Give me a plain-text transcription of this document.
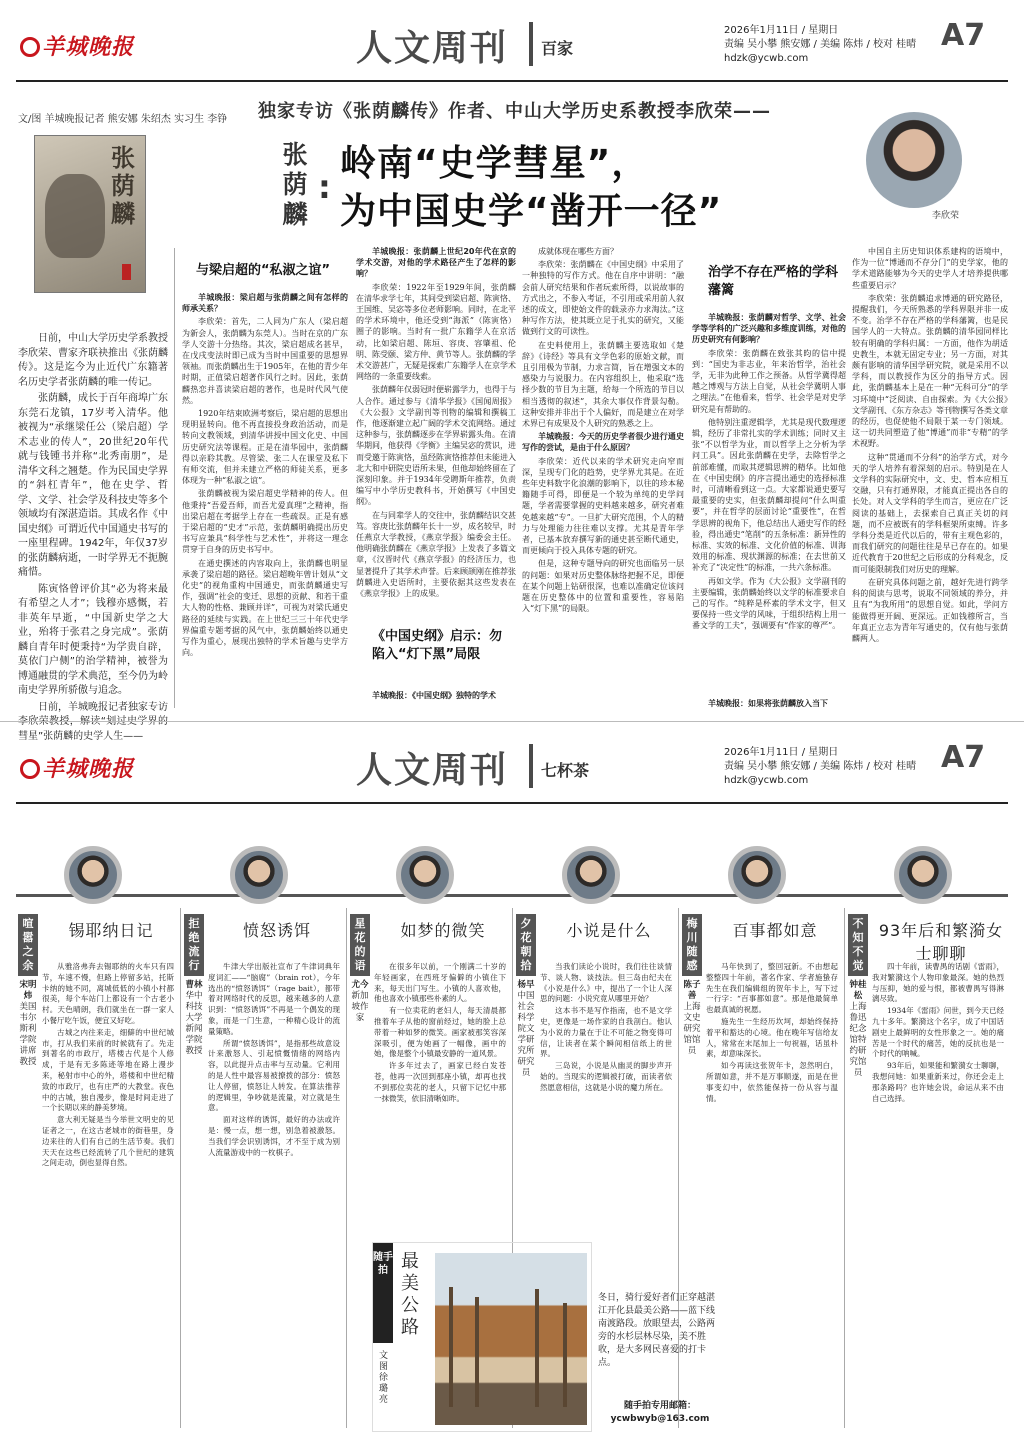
羊城晚报	人文周刊 百家
2026年1月11日 / 星期日
责编 吴小攀 熊安娜 / 美编 陈炜 / 校对 桂晴
hdzk@ycwb.com
A7
文/图 羊城晚报记者 熊安娜 朱绍杰 实习生 李铮 独家专访《张荫麟传》作者、中山大学历史系教授李欣荣——
张荫麟
:
岭南“史学彗星”，
为中国史学“凿开一径”
张荫麟	李欣荣

日前，中山大学历史学系教授李欣荣、曹家齐联袂推出《张荫麟传》。这是迄今为止近代广东籍著名历史学者张荫麟的唯一传记。

张荫麟，成长于百年商埠广东东莞石龙镇，17岁考入清华。他被视为“承继梁任公（梁启超）学术志业的传人”，20世纪20年代就与钱锺书并称“北秀南朋”，是清华文科之翘楚。作为民国史学界的“斜杠青年”，他在史学、哲学、文学、社会学及科技史等多个领域均有深湛造诣。其成名作《中国史纲》可谓近代中国通史书写的一座里程碑。1942年，年仅37岁的张荫麟病逝，一时学界无不扼腕痛惜。

陈寅恪曾评价其“必为将来最有希望之人才”；钱穆亦感慨，若非英年早逝，“中国新史学之大业，殆将于张君之身完成”。张荫麟自青年时便秉持“为学贵自辟，莫依门户侧”的治学精神，被誉为博通融贯的学术典范，至今仍为岭南史学界所骄傲与追念。

日前，羊城晚报记者独家专访李欣荣教授，解读“划过史学界的彗星”张荫麟的史学人生——

与梁启超的“私淑之谊”

羊城晚报：梁启超与张荫麟之间有怎样的师承关系？

李欣荣：首先，二人同为广东人（梁启超为新会人，张荫麟为东莞人）。当时在京的广东学人交游十分热络。其次，梁启超成名甚早，在戊戌变法时即已成为当时中国重要的思想界领袖。而张荫麟出生于1905年，在他的青少年时期，正值梁启超著作风行之时。因此，张荫麟热恋并喜读梁启超的著作，也是时代风气使然。

1920年结束欧洲考察后，梁启超的思想出现明显转向。他不再直接投身政治活动，而是转向文教领域，到清华讲授中国文化史、中国历史研究法等课程。正是在清华园中，张荫麟得以亲聆其教。尽管梁、张二人在课堂及私下有师交流，但并未建立严格的师徒关系，更多体现为一种“私淑之谊”。

张荫麟被视为梁启超史学精神的传人。但他秉持“吾爱吾师，而吾尤爱真理”之精神，指出梁启超在考据学上存在一些疏误。正是有感于梁启超的“史才”示范，张荫麟明确提出历史书写应兼具“科学性与艺术性”，并将这一理念贯穿于自身的历史书写中。

在通史撰述的内容取向上，张荫麟也明显承袭了梁启超的路径。梁启超晚年曾计划从“文化史”的视角重构中国通史，而张荫麟通史写作，强调“社会的变迁、思想的贡献、和若干重大人物的性格、兼顾并详”，可视为对梁氏通史路径的延续与实践。在上世纪三三十年代史学界偏重专题考据的风气中，张荫麟始终以通史写作为重心，展现出独特的学术旨趣与史学方向。

羊城晚报：张荫麟上世纪20年代在京的学术交游，对他的学术路径产生了怎样的影响？

李欣荣：1922年至1929年间，张荫麟在清华求学七年，其间受到梁启超、陈寅恪、王国维、吴宓等多位老师影响。同时，在北平的学术环境中，他还受到“海派”（陈寅恪）圈子的影响。当时有一批广东籍学人在京活动，比如梁启超、陈垣、容庚、容肇祖、伦明、陈受颐、梁方仲、黄节等人。张荫麟的学术交游甚广，无疑是探索广东籍学人在京学术网络的一条重要线索。

张荫麟年仅弱冠时便崭露学力，也得于与人合作。通过参与《清华学报》《国闻周报》《大公报》文学副刊等刊物的编辑和撰稿工作，他逐渐建立起广阔的学术交流网络。通过这种参与，张荫麟逐步在学界崭露头角。在清华期间，他获得《学衡》主编吴宓的赏识，进而受邀于陈寅恪，虽经陈寅恪推荐但未能进入北大和中研院史语所未果，但他却始终留在了深刻印象。并于1934年受聘斯年推荐，负责编写中小学历史教科书，开始撰写《中国史纲》。

在与同辈学人的交往中，张荫麟结识交甚笃。容庚比张荫麟年长十一岁，成名较早，时任燕京大学教授，《燕京学报》编委会主任。他明确张荫麟在《燕京学报》上发表了多篇文章，《汉晋时代《燕京学报》的经济压力，也显著提升了其学术声誉。后来顾颉刚在推荐张荫麟进入史语所时，主要依据其这些发表在《燕京学报》上的成果。

《中国史纲》启示：勿陷入“灯下黑”局限

羊城晚报：《中国史纲》独特的学术

成就体现在哪些方面？

李欣荣：张荫麟在《中国史纲》中采用了一种独特的写作方式。他在自序中讲明：“融会前人研究结果和作者玩索所得，以说故事的方式出之，不参入考证，不引用或采用前人叙述的成文，即使始文件的载录亦力求淘汰。”这种写作方法，使其既立足于扎实的研究，又能做到行文的可读性。

在史料使用上，张荫麟主要选取如《楚辞》《诗经》等具有文学色彩的原始文献，而且引用极为节制，力求言简，旨在增强文本的感染力与说服力。在内容组织上，他采取“选择少数的节目为主题，给每一个所选的节目以相当透彻的叙述”，其余大事仅作背景勾勒。这种安排并非出于个人偏好，而是建立在对学术界已有成果及个人研究的熟悉之上。

羊城晚报：今天的历史学者很少进行通史写作的尝试，是由于什么原因？

李欣荣：近代以来的学术研究走向窄而深，呈现专门化的趋势，史学界尤其是。在近些年史料数字化浪潮的影响下，以往的珍本秘籍随手可得，即便是一个较为单纯的史学问题，学者需要掌握的史料越来越多，研究者难免越来越“专”。一旦扩大研究范围，个人的精力与处理能力往往难以支撑。尤其是青年学者，已基本放弃撰写新的通史甚至断代通史，而更倾向于投入具体专题的研究。

但是，这种专题导向的研究也面临另一层的问题：如果对历史整体脉络把握不足，即便在某个问题上钻研很深，也难以准确定位该问题在历史整体中的位置和重要性，容易陷入“灯下黑”的局限。

治学不存在严格的学科藩篱

羊城晚报：张荫麟对哲学、文学、社会学等学科的广泛兴趣和多维度训练，对他的历史研究有何影响？

李欣荣：张荫麟在致张其昀的信中提到：“国史为非志业，年来治哲学，治社会学，无非为此种工作之预备。从哲学冀得超越之博观与方法上自觉，从社会学冀明人事之理法。”在他看来，哲学、社会学是对史学研究是有帮助的。

他特别注重逻辑学，尤其是现代数理逻辑，经历了非常扎实的学术训练；同时又主张“不以哲学为业，而以哲学上之分析为学问工具”。因此张荫麟在史学，去除哲学之前部难懂，而取其逻辑思辨的精华。比如他在《中国史纲》的序言提出通史的选择标准时，可清晰看到这一点。大家都说通史要写最重要的史实，但张荫麟却提问“什么叫重要”，并在哲学的层面讨论“重要性”，在哲学思辨的视角下，他总结出人通史写作的经验，得出通史“笔削”的五条标准：新异性的标准、实效的标准、文化价值的标准、训海效用的标准、现状渊源的标准；在去世前又补充了“决定性”的标准，一共六条标准。

再如文学。作为《大公报》文学副刊的主要编辑，张荫麟始终以文学的标准要求自己的写作。“纯粹是杯素的学术文字，但又要保持一些文学的风味，于组织结构上用一番文学的工夫”，强调要有“作家的尊严”。

羊城晚报：如果将张荫麟放入当下

中国自主历史知识体系建构的语境中，作为一位“博通而不存分门”的史学家，他的学术道路能够为今天的史学人才培养提供哪些重要启示？

李欣荣：张荫麟追求博通的研究路径，提醒我们，今天所熟悉的学科界限并非一成不变。治学不存在严格的学科藩篱，也是民国学人的一大特点。张荫麟的清华园同样比较有明确的学科归属：一方面，他作为胡适史教生，本就无固定专业；另一方面，对其颇有影响的清华国学研究院，就是采用不以学科，而以教授作为区分的指导方式。因此，张荫麟基本上是在一种“无科可分”的学习环境中“泛阅读、自由探索。为《大公报》文学副刊、《东方杂志》等刊物撰写各类文章的经历，也促使他不局限于某一专门领域。这一切共同塑造了他“博通”而非“专精”的学术视野。

这种“贯通而不分科”的治学方式，对今天的学人培养有着深刻的启示。特别是在人文学科的实际研究中，文、史、哲本应相互交融，只有打通界限，才能真正提出各自的长处。对人文学科的学生而言，更应在广泛阅读的基础上，去探索自己真正关切的问题，而不应被既有的学科框架所束缚。许多学科分类是近代以后的，带有主观色彩的，而我们研究的问题往往是早已存在的。如果近代教育于20世纪之后形成的分科观念，反而可能限制我们对历史的理解。

在研究具体问题之前，越好先进行跨学科的阅读与思考，说取不同领域的养分，并且有“为我所用”的思想自觉。如此，学问方能做得更开阔、更深远。正如钱穆所言，当年真正立志为青年写通史的，仅有他与张荫麟两人。

羊城晚报	人文周刊 七杯茶
2026年1月11日 / 星期日
责编 吴小攀 熊安娜 / 美编 陈炜 / 校对 桂晴
hdzk@ycwb.com
A7
喧嚣之余
锡耶纳日记
宋明炜
美国韦尔斯利学院讲席教授

从雅洛弗奔去锡耶纳的火车只有四节，车速不慢，但路上停留多站，托斯卡纳的她不同，离城低低的小镇小村都很美，每个车站门上都设有一个古老小村。天色晴朗，我们就坐在一群一家人小餐厅吃午饭，便宜又好吃。

古城之内往来走，细僻的中世纪城市，打从我们来前的时候就有了。先走到著名的市政厅，塔楼古代是个人修成，于是有无多陈迹等地在路上漫步来，秘射市中心的外，塔楼和中世纪精致的市政厅，也有庄严的大教堂。夜色中的古城，独自漫步，像是时间走进了一个长期以来的静美梦境。

意大利无疑是当今举世文明史的见证者之一，在这古老城市的街巷里，身边来往的人们有自己的生活节奏。我们天天在这些已经流转了几个世纪的建筑之间走动，倒也显得自然。

拒绝流行
愤怒诱饵
曹林
华中科技大学新闻学院教授

牛津大学出版社宣布了牛津词典年度词汇——“脑腐”（brain rot），今年选出的“愤怒诱饵”（rage bait），都带着对网络时代的反思，越来越多的人意识到：“愤怒诱饵”不再是一个偶发的现象，而是一门生意，一种精心设计的流量策略。

所谓“愤怒诱饵”，是指那些故意设计来激怒人、引起愤慨情绪的网络内容，以此提升点击率与互动量。它利用的是人性中最容易被撩拨的部分：愤怒让人停留，愤怒让人转发。在算法推荐的逻辑里，争吵就是流量，对立就是生意。

面对这样的诱饵，最好的办法或许是：慢一点，想一想，别急着被激怒。当我们学会识别诱饵，才不至于成为别人流量游戏中的一枚棋子。

星花的语
如梦的微笑
尤今
新加坡作家

在很多年以前，一个刚满二十岁的年轻画家，在西班牙偏僻的小镇住下来，每天出门写生。小镇的人喜欢他，他也喜欢小镇那些朴素的人。

有一位卖花的老妇人，每天清晨都推着车子从他的窗前经过，她的脸上总带着一种如梦的微笑。画家被那笑容深深吸引，便为她画了一幅像，画中的她，像是整个小镇最安静的一道风景。

许多年过去了，画家已经白发苍苍，他再一次回到那座小镇，却再也找不到那位卖花的老人，只留下记忆中那一抹微笑，依旧清晰如昨。

夕花朝拾
小说是什么
杨早
中国社会科学院文学研究所研究员

当我们读论小说时，我们往往谈情节、谈人物、谈技法。但三岛由纪夫在《小说是什么》中，提出了一个让人深思的问题：小说究竟从哪里开始？

这本书不是写作指南，也不是文学史，更像是一场作家的自我剖白。他认为小说的力量在于让不可能之物变得可信，让读者在某个瞬间相信纸上的世界。

三岛说，小说是从幽灵的脚步声开始的。当现实的逻辑被打破，而读者依然愿意相信，这就是小说的魔力所在。

梅川随感
百事都如意
陈子善
上海文史研究馆馆员

马年快到了，整回冠新。不由想起整整四十年前，著名作家、学者施蛰存先生在我们编辑组的贺年卡上，写下过一行字：“百事都如意”。那是他最简单也最真诚的祝愿。

施先生一生经历坎坷，却始终保持着平和豁达的心境。他在晚年写信给友人，常常在末尾加上一句祝福，话虽朴素，却意味深长。

如今再读这张贺年卡，忽然明白，所谓如意，并不是万事顺遂，而是在世事变幻中，依然能保持一份从容与温情。

不知不觉
93年后和繁漪女士聊聊
钟桂松
上海鲁迅纪念馆特约研究馆员

四十年前，读曹禺的话剧《雷雨》，我对繁漪这个人物印象最深。她的热烈与压抑，她的爱与恨，都被曹禺写得淋漓尽致。

1934年《雷雨》问世，到今天已经九十多年。繁漪这个名字，成了中国话剧史上最鲜明的女性形象之一。她的痛苦是一个时代的痛苦，她的反抗也是一个时代的呐喊。

93年后，如果能和繁漪女士聊聊，我想问她：如果重新来过，你还会走上那条路吗？也许她会说，命运从来不由自己选择。

随手拍 最美公路
文图 徐璐亮
冬日，骑行爱好者们正穿越湛江开化县最美公路——蓝下线南渡路段。放眼望去，公路两旁的水杉层林尽染，美不胜收，是大多网民喜爱的打卡点。
随手拍专用邮箱：
ycwbwyb@163.com
